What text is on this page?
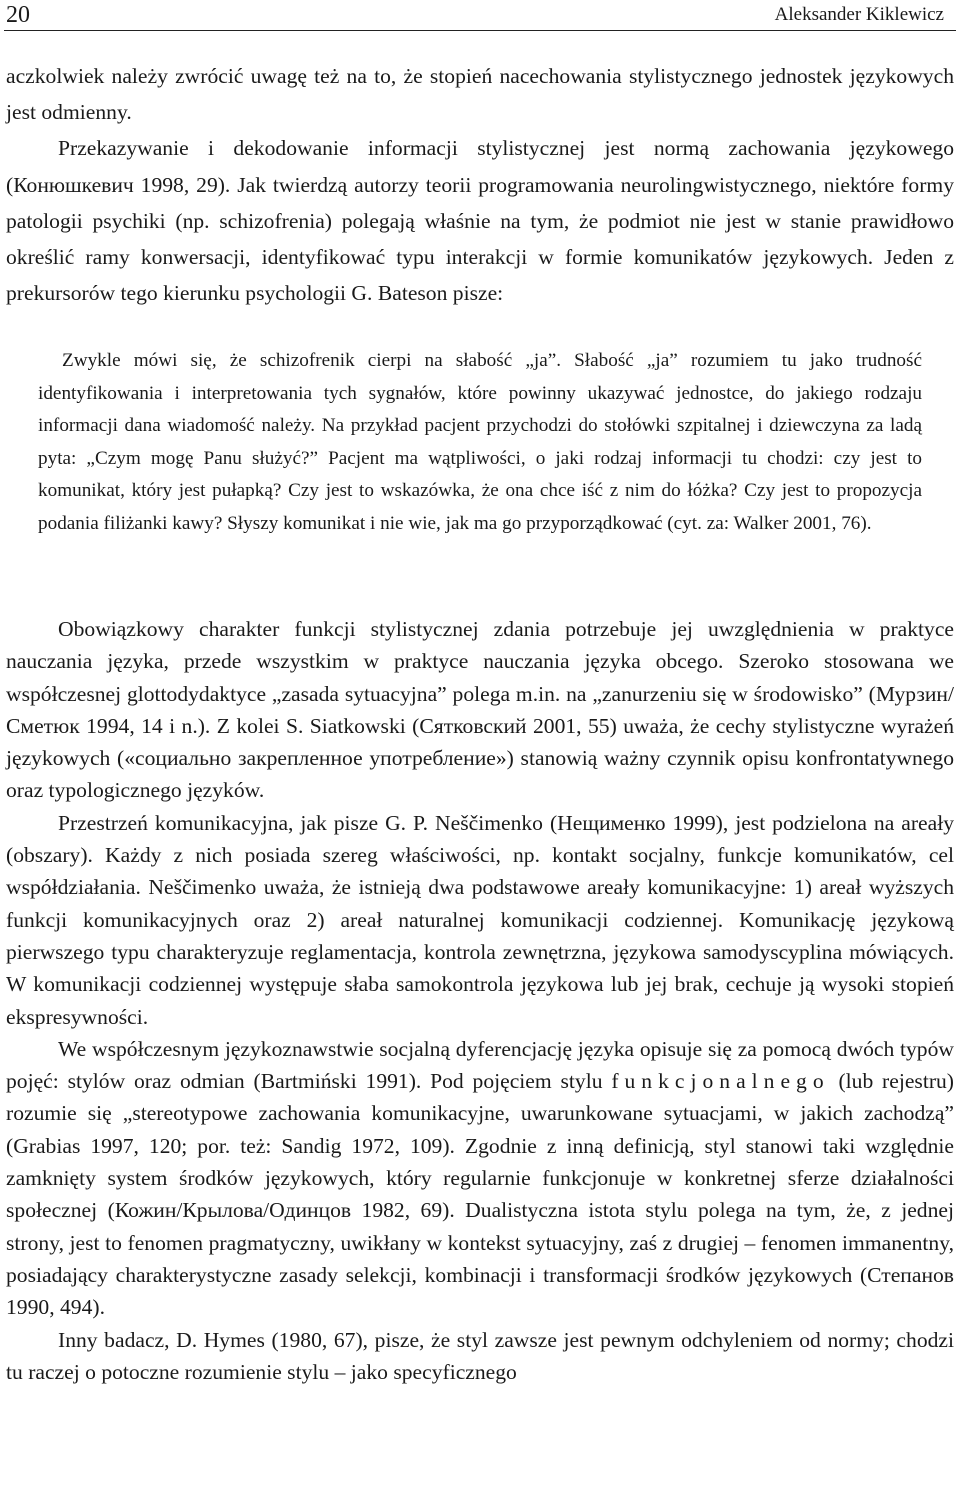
20	Aleksander Kiklewicz

aczkolwiek należy zwrócić uwagę też na to, że stopień nacechowania stylistycznego jednostek językowych jest odmienny.

Przekazywanie i dekodowanie informacji stylistycznej jest normą zachowania językowego (Конюшкевич 1998, 29). Jak twierdzą autorzy teorii programowania neurolingwistycznego, niektóre formy patologii psychiki (np. schizofrenia) polegają właśnie na tym, że podmiot nie jest w stanie prawidłowo określić ramy konwersacji, identyfikować typu interakcji w formie komunikatów językowych. Jeden z prekursorów tego kierunku psychologii G. Bateson pisze:

Zwykle mówi się, że schizofrenik cierpi na słabość „ja”. Słabość „ja” rozumiem tu jako trudność identyfikowania i interpretowania tych sygnałów, które powinny ukazywać jednostce, do jakiego rodzaju informacji dana wiadomość należy. Na przykład pacjent przychodzi do stołówki szpitalnej i dziewczyna za ladą pyta: „Czym mogę Panu służyć?” Pacjent ma wątpliwości, o jaki rodzaj informacji tu chodzi: czy jest to komunikat, który jest pułapką? Czy jest to wskazówka, że ona chce iść z nim do łóżka? Czy jest to propozycja podania filiżanki kawy? Słyszy komunikat i nie wie, jak ma go przyporządkować (cyt. za: Walker 2001, 76).

Obowiązkowy charakter funkcji stylistycznej zdania potrzebuje jej uwzględnienia w praktyce nauczania języka, przede wszystkim w praktyce nauczania języka obcego. Szeroko stosowana we współczesnej glottodydaktyce „zasada sytuacyjna” polega m.in. na „zanurzeniu się w środowisko” (Мурзин/Сметюк 1994, 14 i n.). Z kolei S. Siatkowski (Сятковский 2001, 55) uważa, że cechy stylistyczne wyrażeń językowych («социально закрепленное употребление») stanowią ważny czynnik opisu konfrontatywnego oraz typologicznego języków.

Przestrzeń komunikacyjna, jak pisze G. P. Neščimenko (Нещименко 1999), jest podzielona na areały (obszary). Każdy z nich posiada szereg właściwości, np. kontakt socjalny, funkcje komunikatów, cel współdziałania. Neščimenko uważa, że istnieją dwa podstawowe areały komunikacyjne: 1) areał wyższych funkcji komunikacyjnych oraz 2) areał naturalnej komunikacji codziennej. Komunikację językową pierwszego typu charakteryzuje reglamentacja, kontrola zewnętrzna, językowa samodyscyplina mówiących. W komunikacji codziennej występuje słaba samokontrola językowa lub jej brak, cechuje ją wysoki stopień ekspresywności.

We współczesnym językoznawstwie socjalną dyferencjację języka opisuje się za pomocą dwóch typów pojęć: stylów oraz odmian (Bartmiński 1991). Pod pojęciem stylu funkcjonalnego (lub rejestru) rozumie się „stereotypowe zachowania komunikacyjne, uwarunkowane sytuacjami, w jakich zachodzą” (Grabias 1997, 120; por. też: Sandig 1972, 109). Zgodnie z inną definicją, styl stanowi taki względnie zamknięty system środków językowych, który regularnie funkcjonuje w konkretnej sferze działalności społecznej (Кожин/Крылова/Одинцов 1982, 69). Dualistyczna istota stylu polega na tym, że, z jednej strony, jest to fenomen pragmatyczny, uwikłany w kontekst sytuacyjny, zaś z drugiej – fenomen immanentny, posiadający charakterystyczne zasady selekcji, kombinacji i transformacji środków językowych (Степанов 1990, 494).

Inny badacz, D. Hymes (1980, 67), pisze, że styl zawsze jest pewnym odchyleniem od normy; chodzi tu raczej o potoczne rozumienie stylu – jako specyficznego
